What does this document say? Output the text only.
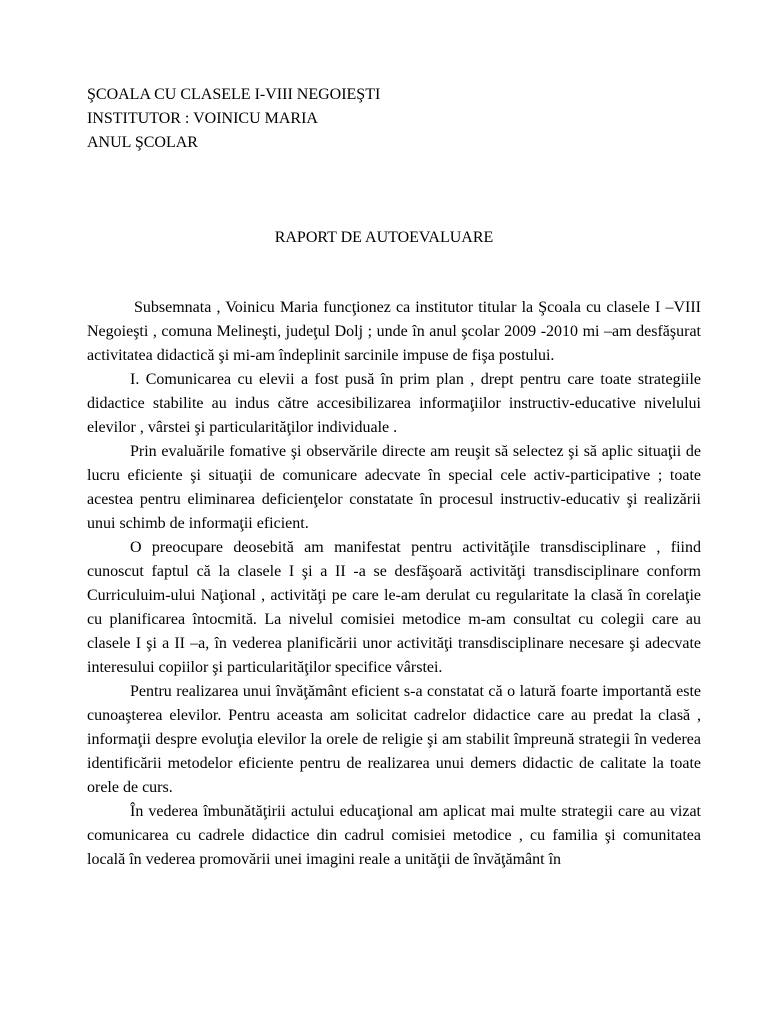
ŞCOALA CU CLASELE I-VIII NEGOIEŞTI
INSTITUTOR : VOINICU MARIA
ANUL ŞCOLAR
RAPORT DE AUTOEVALUARE

Subsemnata , Voinicu Maria funcţionez ca institutor titular la Şcoala cu clasele I –VIII Negoieşti , comuna Melineşti, judeţul Dolj ; unde în anul şcolar 2009 -2010 mi –am desfăşurat activitatea didactică şi mi-am îndeplinit sarcinile impuse de fişa postului.

I. Comunicarea cu elevii a fost pusă în prim plan , drept pentru care toate strategiile didactice stabilite au indus către accesibilizarea informaţiilor instructiv-educative nivelului elevilor , vârstei şi particularităţilor individuale .

Prin evaluările fomative şi observările directe am reuşit să selectez şi să aplic situaţii de lucru eficiente şi situaţii de comunicare adecvate în special cele activ-participative ; toate acestea pentru eliminarea deficienţelor constatate în procesul instructiv-educativ şi realizării unui schimb de informaţii eficient.

O preocupare deosebită am manifestat pentru activităţile transdisciplinare , fiind cunoscut faptul că la clasele I şi a II -a se desfăşoară activităţi transdisciplinare conform Curriculuim-ului Naţional , activităţi pe care le-am derulat cu regularitate la clasă în corelaţie cu planificarea întocmită. La nivelul comisiei metodice m-am consultat cu colegii care au clasele I şi a II –a, în vederea planificării unor activităţi transdisciplinare necesare şi adecvate interesului copiilor şi particularităţilor specifice vârstei.

Pentru realizarea unui învăţământ eficient s-a constatat că o latură foarte importantă este cunoaşterea elevilor. Pentru aceasta am solicitat cadrelor didactice care au predat la clasă , informaţii despre evoluţia elevilor la orele de religie şi am stabilit împreună strategii în vederea identificării metodelor eficiente pentru de realizarea unui demers didactic de calitate la toate orele de curs.

În vederea îmbunătăţirii actului educaţional am aplicat mai multe strategii care au vizat comunicarea cu cadrele didactice din cadrul comisiei metodice , cu familia şi comunitatea locală în vederea promovării unei imagini reale a unităţii de învăţământ în
